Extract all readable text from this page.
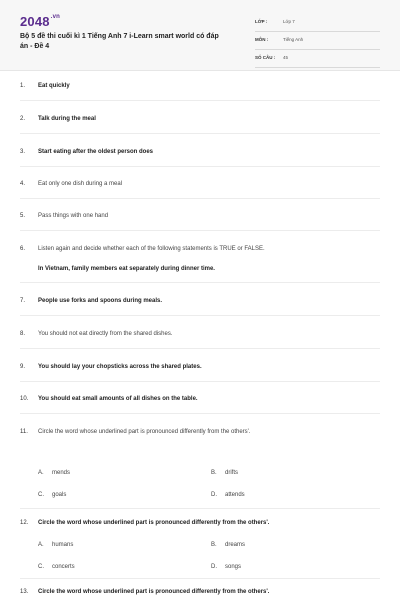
$2048^{.vn}$
Bộ 5 đề thi cuối kì 1 Tiếng Anh 7 i-Learn smart world có đáp án - Đề 4
LỚP :	Lớp 7
MÔN :	Tiếng Anh
SỐ CÂU : 45
1. Eat quickly
2. Talk during the meal
3. Start eating after the oldest person does
4. Eat only one dish during a meal
5. Pass things with one hand
6. Listen again and decide whether each of the following statements is TRUE or FALSE.
In Vietnam, family members eat separately during dinner time.
7. People use forks and spoons during meals.
8. You should not eat directly from the shared dishes.
9. You should lay your chopsticks across the shared plates.
10. You should eat small amounts of all dishes on the table.
11. Circle the word whose underlined part is pronounced differently from the others'.
A. mends	B. drifts
C. goals	D. attends
12. Circle the word whose underlined part is pronounced differently from the others'.
A. humans	B. dreams
C. concerts	D. songs
13. Circle the word whose underlined part is pronounced differently from the others'.
